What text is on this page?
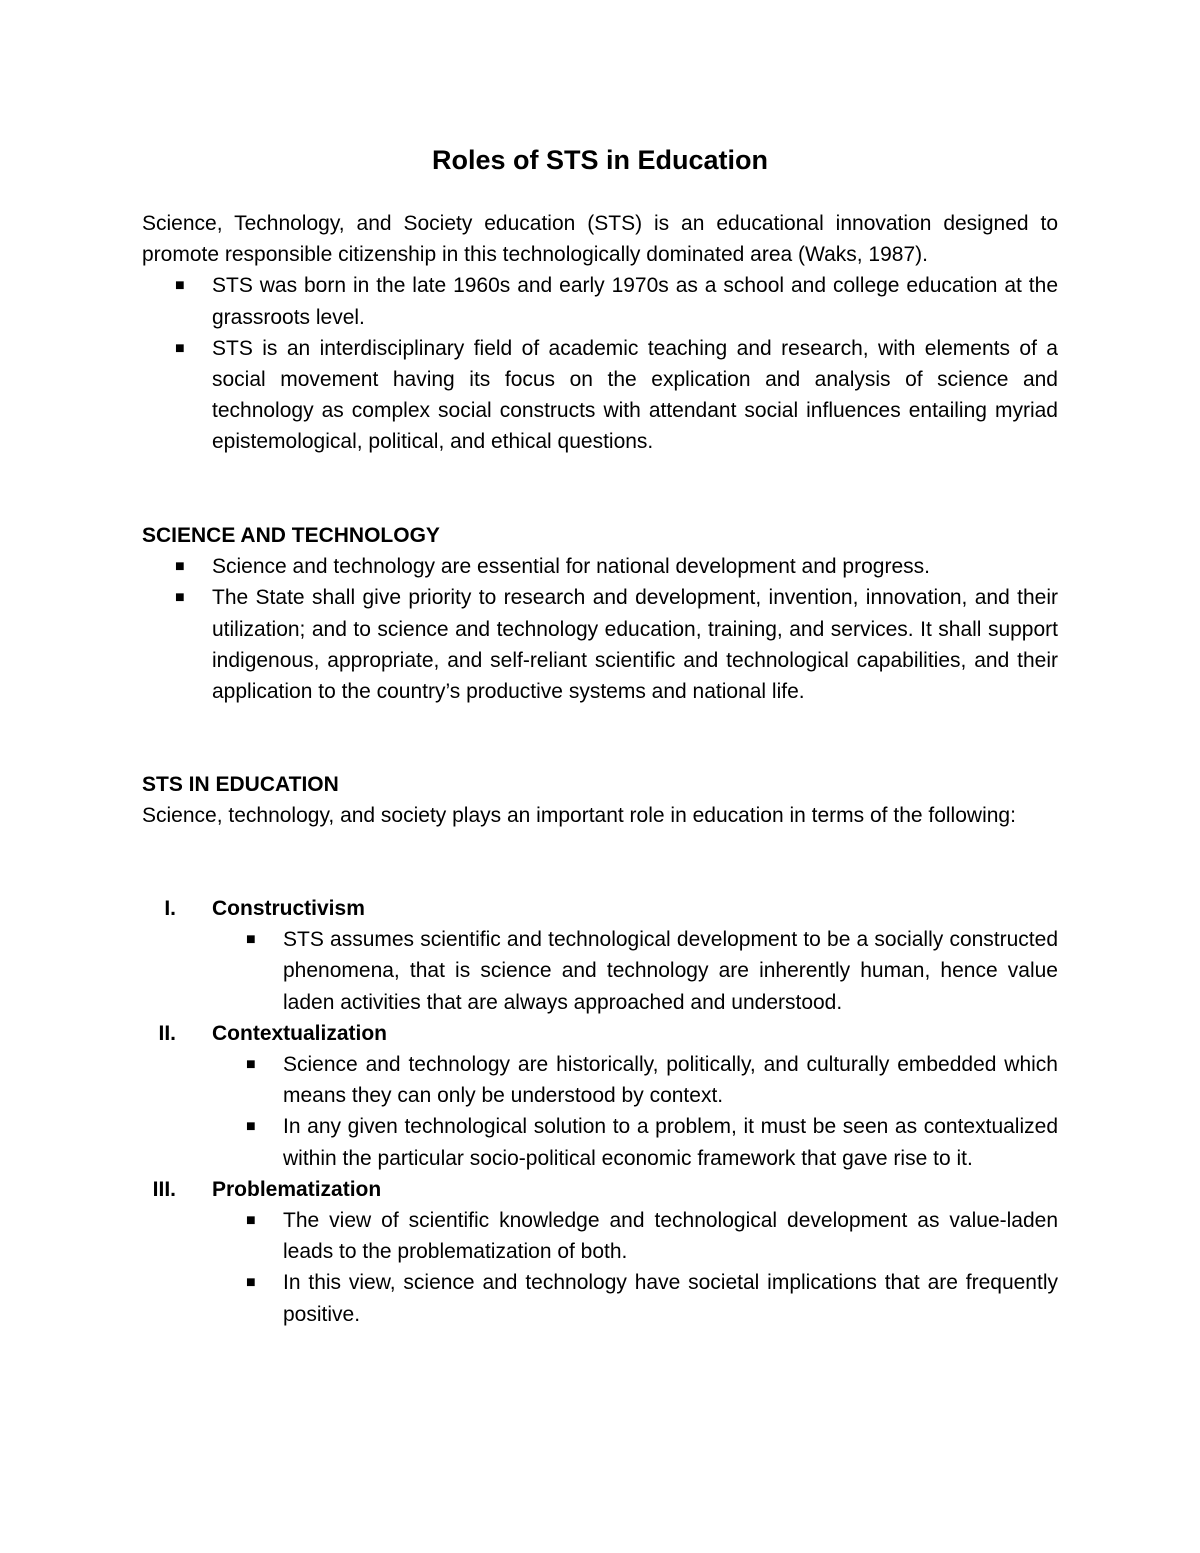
Roles of STS in Education

Science, Technology, and Society education (STS) is an educational innovation designed to promote responsible citizenship in this technologically dominated area (Waks, 1987).

■ STS was born in the late 1960s and early 1970s as a school and college education at the grassroots level.
■ STS is an interdisciplinary field of academic teaching and research, with elements of a social movement having its focus on the explication and analysis of science and technology as complex social constructs with attendant social influences entailing myriad epistemological, political, and ethical questions.

SCIENCE AND TECHNOLOGY

■ Science and technology are essential for national development and progress.
■ The State shall give priority to research and development, invention, innovation, and their utilization; and to science and technology education, training, and services. It shall support indigenous, appropriate, and self-reliant scientific and technological capabilities, and their application to the country’s productive systems and national life.

STS IN EDUCATION

Science, technology, and society plays an important role in education in terms of the following:

I. Constructivism
■ STS assumes scientific and technological development to be a socially constructed phenomena, that is science and technology are inherently human, hence value laden activities that are always approached and understood.
II. Contextualization
■ Science and technology are historically, politically, and culturally embedded which means they can only be understood by context.
■ In any given technological solution to a problem, it must be seen as contextualized within the particular socio-political economic framework that gave rise to it.
III. Problematization
■ The view of scientific knowledge and technological development as value-laden leads to the problematization of both.
■ In this view, science and technology have societal implications that are frequently positive.
